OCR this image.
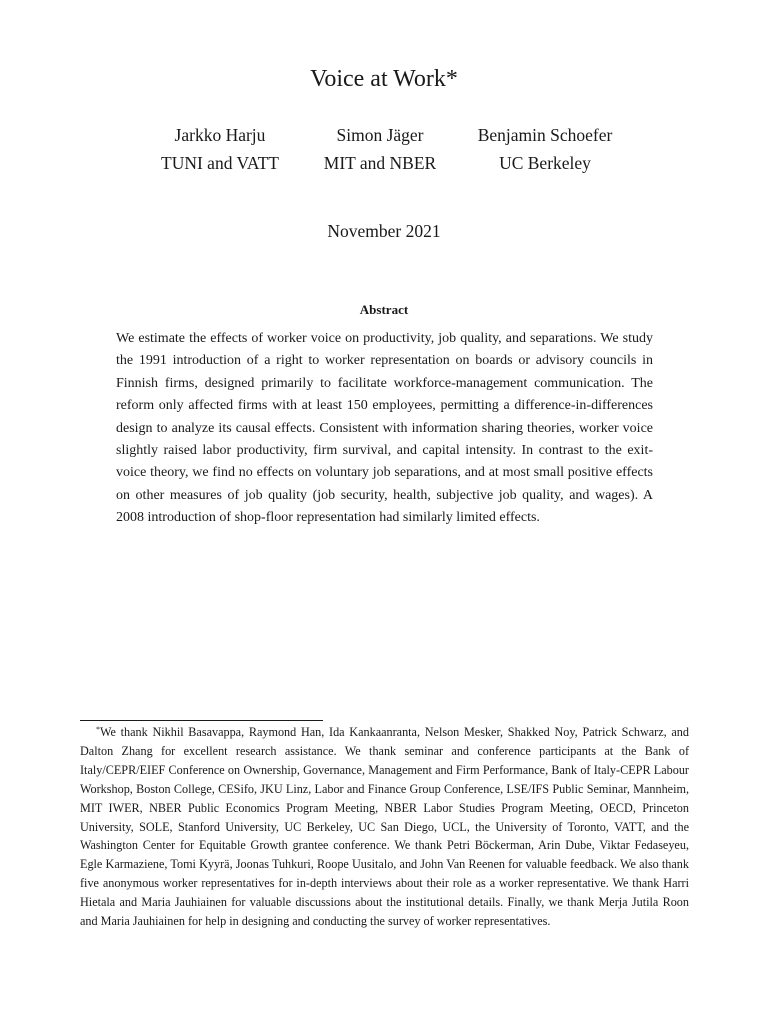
Voice at Work*
Jarkko Harju
TUNI and VATT
Simon Jäger
MIT and NBER
Benjamin Schoefer
UC Berkeley
November 2021
Abstract

We estimate the effects of worker voice on productivity, job quality, and separations. We study the 1991 introduction of a right to worker representation on boards or advisory councils in Finnish firms, designed primarily to facilitate workforce-management communication. The reform only affected firms with at least 150 employees, permitting a difference-in-differences design to analyze its causal effects. Consistent with information sharing theories, worker voice slightly raised labor productivity, firm survival, and capital intensity. In contrast to the exit-voice theory, we find no effects on voluntary job separations, and at most small positive effects on other measures of job quality (job security, health, subjective job quality, and wages). A 2008 introduction of shop-floor representation had similarly limited effects.

*We thank Nikhil Basavappa, Raymond Han, Ida Kankaanranta, Nelson Mesker, Shakked Noy, Patrick Schwarz, and Dalton Zhang for excellent research assistance. We thank seminar and conference participants at the Bank of Italy/CEPR/EIEF Conference on Ownership, Governance, Management and Firm Performance, Bank of Italy-CEPR Labour Workshop, Boston College, CESifo, JKU Linz, Labor and Finance Group Conference, LSE/IFS Public Seminar, Mannheim, MIT IWER, NBER Public Economics Program Meeting, NBER Labor Studies Program Meeting, OECD, Princeton University, SOLE, Stanford University, UC Berkeley, UC San Diego, UCL, the University of Toronto, VATT, and the Washington Center for Equitable Growth grantee conference. We thank Petri Böckerman, Arin Dube, Viktar Fedaseyeu, Egle Karmaziene, Tomi Kyyrä, Joonas Tuhkuri, Roope Uusitalo, and John Van Reenen for valuable feedback. We also thank five anonymous worker representatives for in-depth interviews about their role as a worker representative. We thank Harri Hietala and Maria Jauhiainen for valuable discussions about the institutional details. Finally, we thank Merja Jutila Roon and Maria Jauhiainen for help in designing and conducting the survey of worker representatives.
